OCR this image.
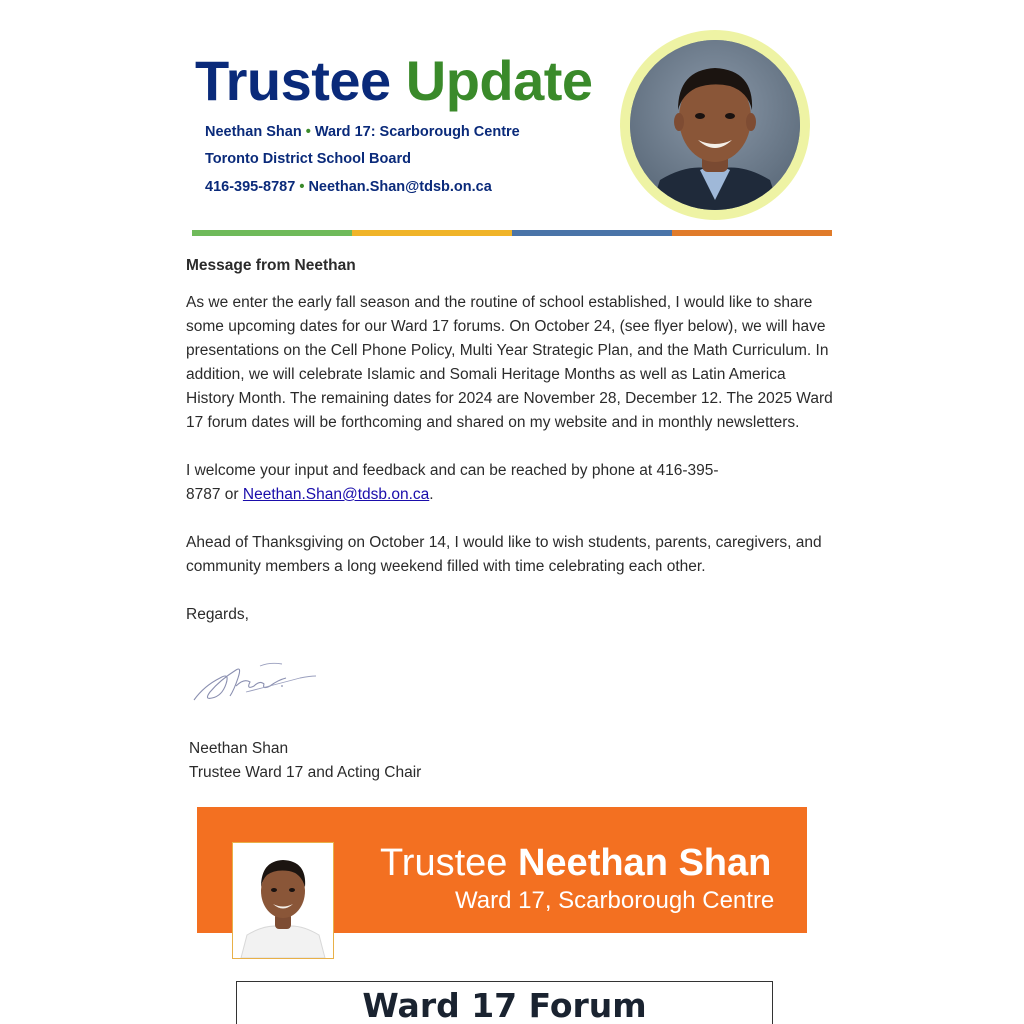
Trustee Update
Neethan Shan • Ward 17: Scarborough Centre
Toronto District School Board
416-395-8787 • Neethan.Shan@tdsb.on.ca
Message from Neethan

As we enter the early fall season and the routine of school established, I would like to share some upcoming dates for our Ward 17 forums. On October 24, (see flyer below), we will have presentations on the Cell Phone Policy, Multi Year Strategic Plan, and the Math Curriculum. In addition, we will celebrate Islamic and Somali Heritage Months as well as Latin America History Month. The remaining dates for 2024 are November 28, December 12. The 2025 Ward 17 forum dates will be forthcoming and shared on my website and in monthly newsletters.

I welcome your input and feedback and can be reached by phone at 416-395-8787 or Neethan.Shan@tdsb.on.ca.

Ahead of Thanksgiving on October 14, I would like to wish students, parents, caregivers, and community members a long weekend filled with time celebrating each other.

Regards,

Neethan Shan
Trustee Ward 17 and Acting Chair
Trustee Neethan Shan
Ward 17, Scarborough Centre
Ward 17 Forum
